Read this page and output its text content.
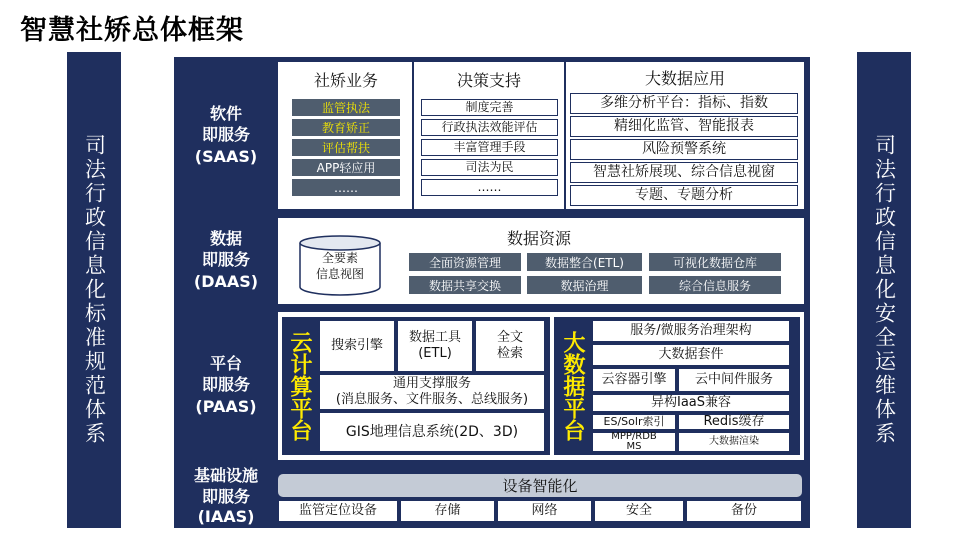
智慧社矫总体框架
司法行政信息化标准规范体系	司法行政信息化安全运维体系
软件
即服务
(SAAS)
社矫业务
监管执法
教育矫正
评估帮扶
APP轻应用
……
决策支持
制度完善
行政执法效能评估
丰富管理手段
司法为民
……
大数据应用
多维分析平台：指标、指数
精细化监管、智能报表
风险预警系统
智慧社矫展现、综合信息视窗
专题、专题分析
数据
即服务
(DAAS)
全要素
信息视图
数据资源
全面资源管理	数据整合(ETL)	可视化数据仓库
数据共享交换	数据治理	综合信息服务
平台
即服务
(PAAS) 云计算平台	搜索引擎
数据工具
(ETL)
全文
检索
通用支撑服务
(消息服务、文件服务、总线服务)
GIS地理信息系统(2D、3D)	大数据平台
服务/微服务治理架构
大数据套件
云容器引擎	云中间件服务
异构IaaS兼容
ES/Solr索引	Redis缓存
MPP/RDBMS	大数据渲染
基础设施
即服务
(IAAS)
设备智能化
监管定位设备	存储	网络	安全	备份
